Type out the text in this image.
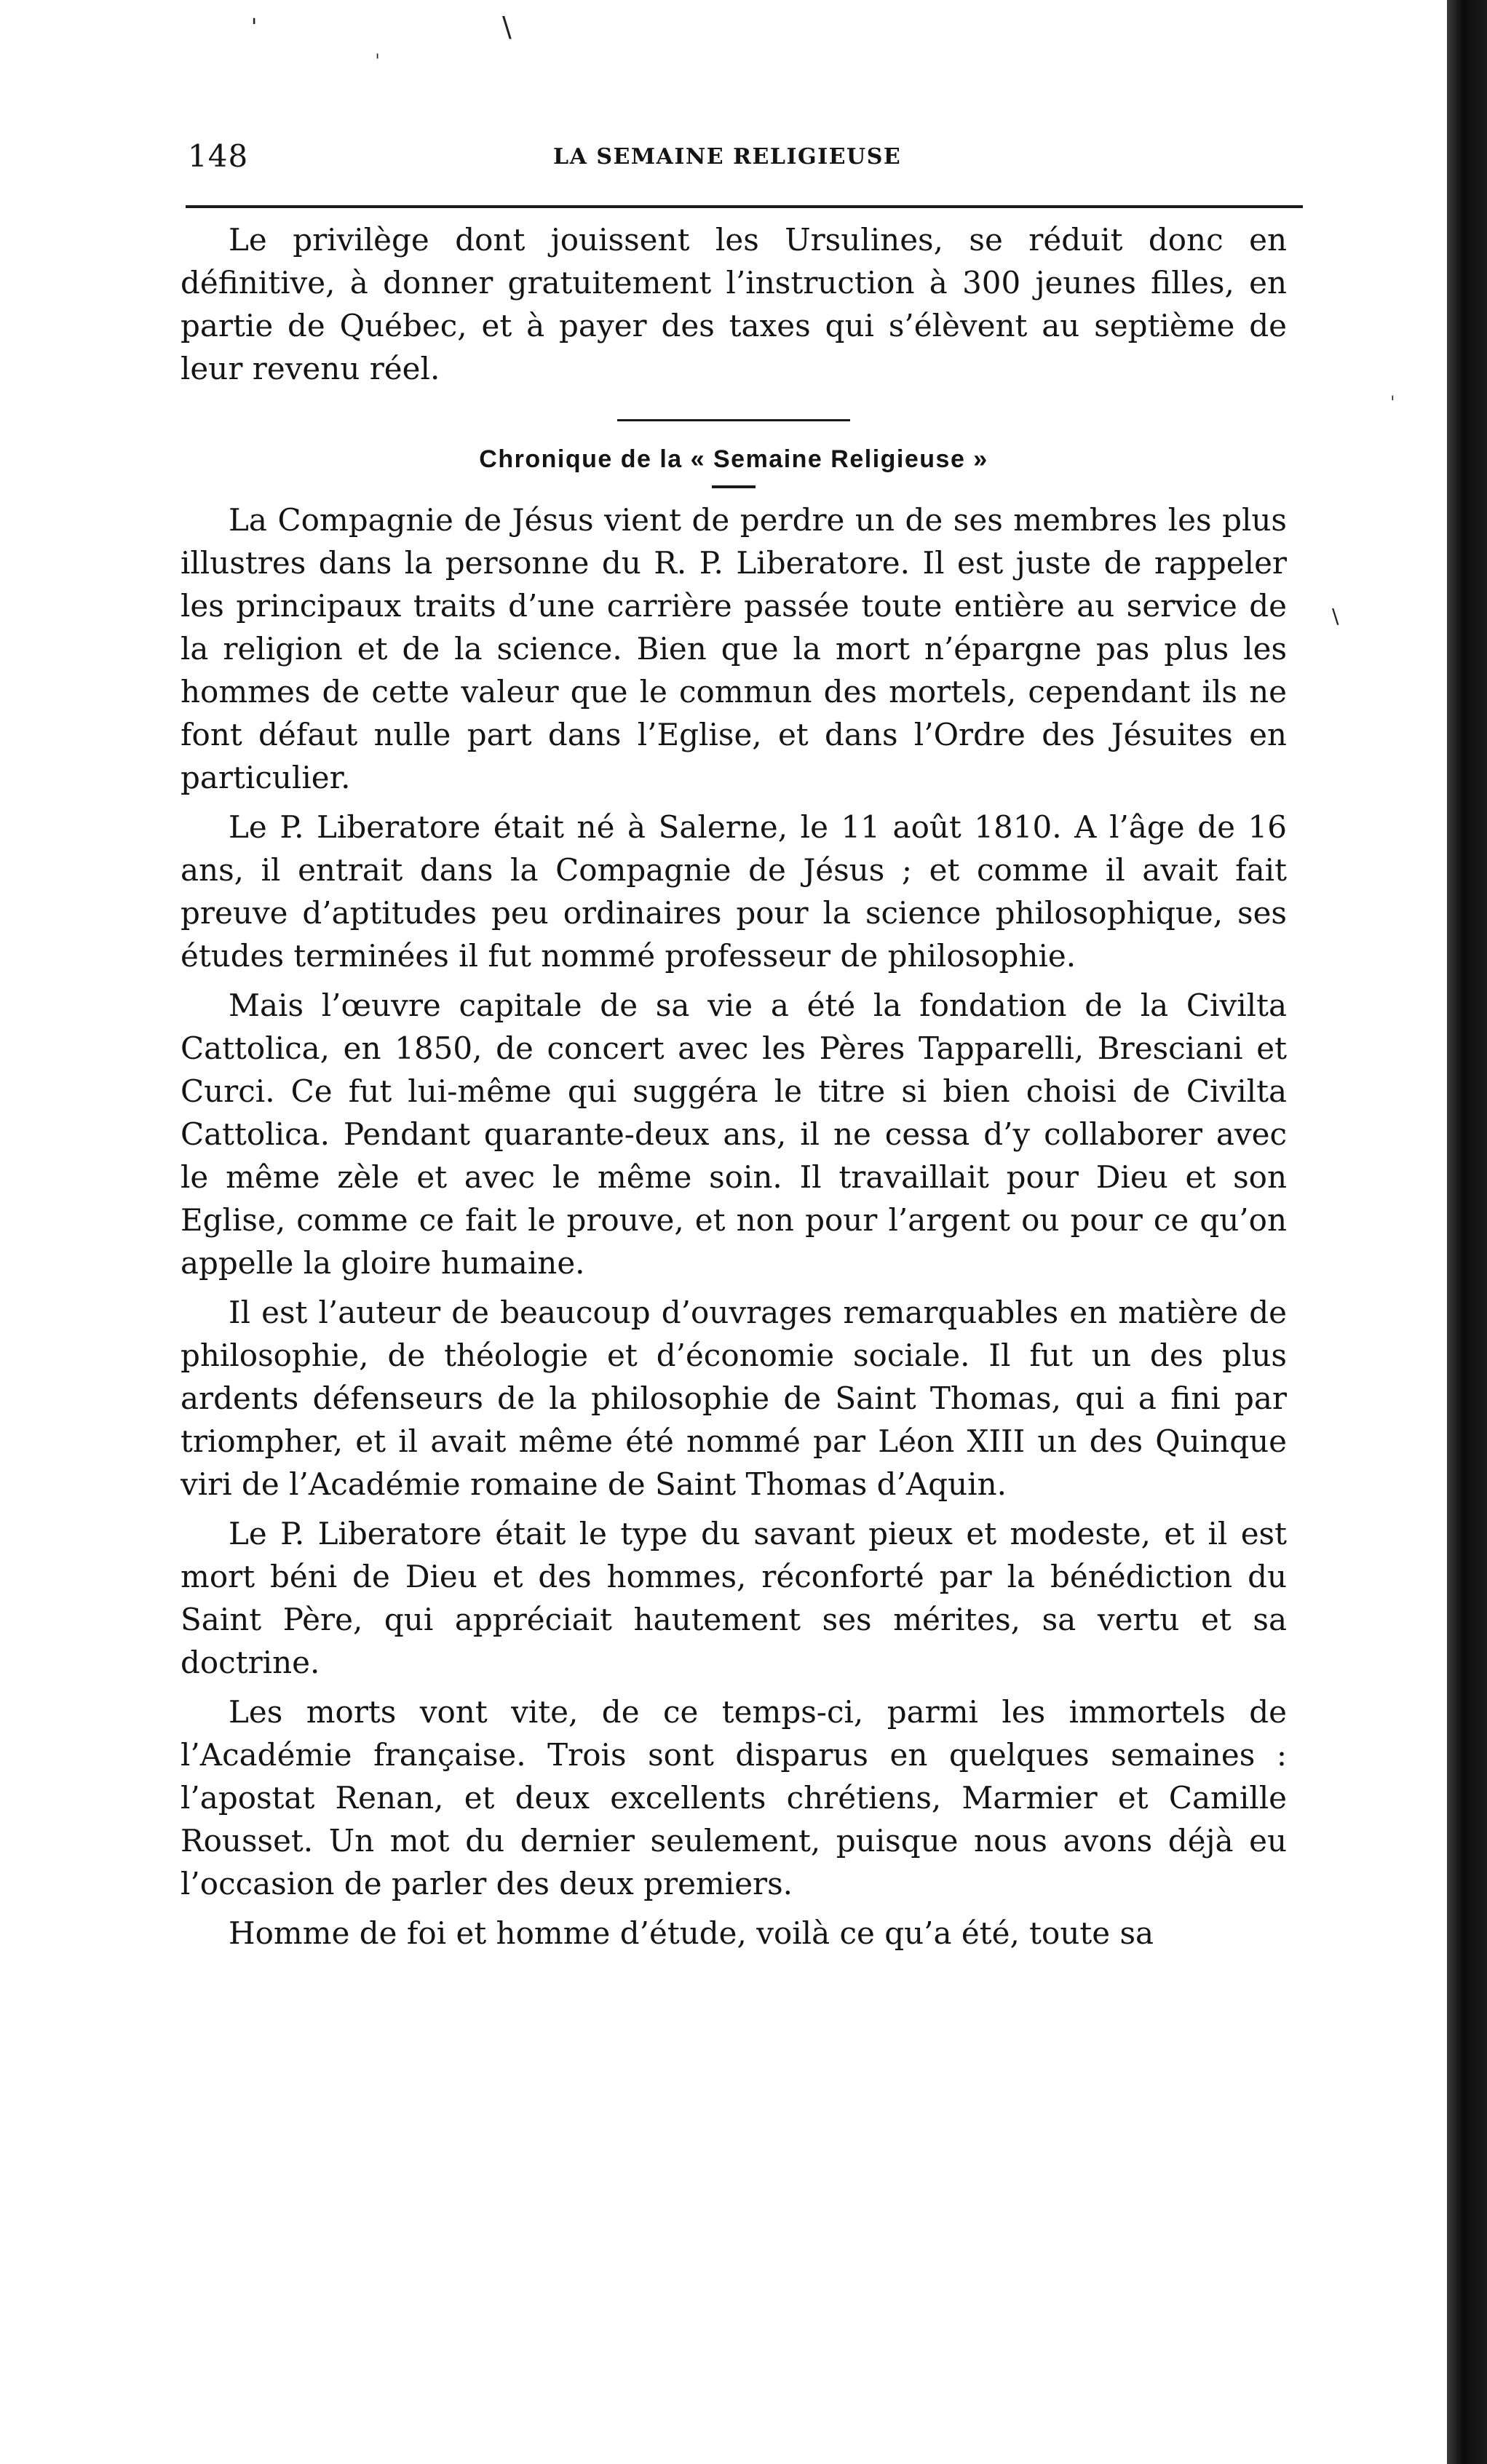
148	LA SEMAINE RELIGIEUSE

Le privilège dont jouissent les Ursulines, se réduit donc en définitive, à donner gratuitement l’instruction à 300 jeunes filles, en partie de Québec, et à payer des taxes qui s’élèvent au septième de leur revenu réel.

Chronique de la « Semaine Religieuse »

La Compagnie de Jésus vient de perdre un de ses membres les plus illustres dans la personne du R. P. Liberatore. Il est juste de rappeler les principaux traits d’une carrière passée toute entière au service de la religion et de la science. Bien que la mort n’épargne pas plus les hommes de cette valeur que le commun des mortels, cependant ils ne font défaut nulle part dans l’Eglise, et dans l’Ordre des Jésuites en particulier.

Le P. Liberatore était né à Salerne, le 11 août 1810. A l’âge de 16 ans, il entrait dans la Compagnie de Jésus ; et comme il avait fait preuve d’aptitudes peu ordinaires pour la science philosophique, ses études terminées il fut nommé professeur de philosophie.

Mais l’œuvre capitale de sa vie a été la fondation de la Civilta Cattolica, en 1850, de concert avec les Pères Tapparelli, Bresciani et Curci. Ce fut lui-même qui suggéra le titre si bien choisi de Civilta Cattolica. Pendant quarante-deux ans, il ne cessa d’y collaborer avec le même zèle et avec le même soin. Il travaillait pour Dieu et son Eglise, comme ce fait le prouve, et non pour l’argent ou pour ce qu’on appelle la gloire humaine.

Il est l’auteur de beaucoup d’ouvrages remarquables en matière de philosophie, de théologie et d’économie sociale. Il fut un des plus ardents défenseurs de la philosophie de Saint Thomas, qui a fini par triompher, et il avait même été nommé par Léon XIII un des Quinque viri de l’Académie romaine de Saint Thomas d’Aquin.

Le P. Liberatore était le type du savant pieux et modeste, et il est mort béni de Dieu et des hommes, réconforté par la bénédiction du Saint Père, qui appréciait hautement ses mérites, sa vertu et sa doctrine.

Les morts vont vite, de ce temps-ci, parmi les immortels de l’Académie française. Trois sont disparus en quelques semaines : l’apostat Renan, et deux excellents chrétiens, Marmier et Camille Rousset. Un mot du dernier seulement, puisque nous avons déjà eu l’occasion de parler des deux premiers.

Homme de foi et homme d’étude, voilà ce qu’a été, toute sa

'	\
ˈ
ˈ
\
